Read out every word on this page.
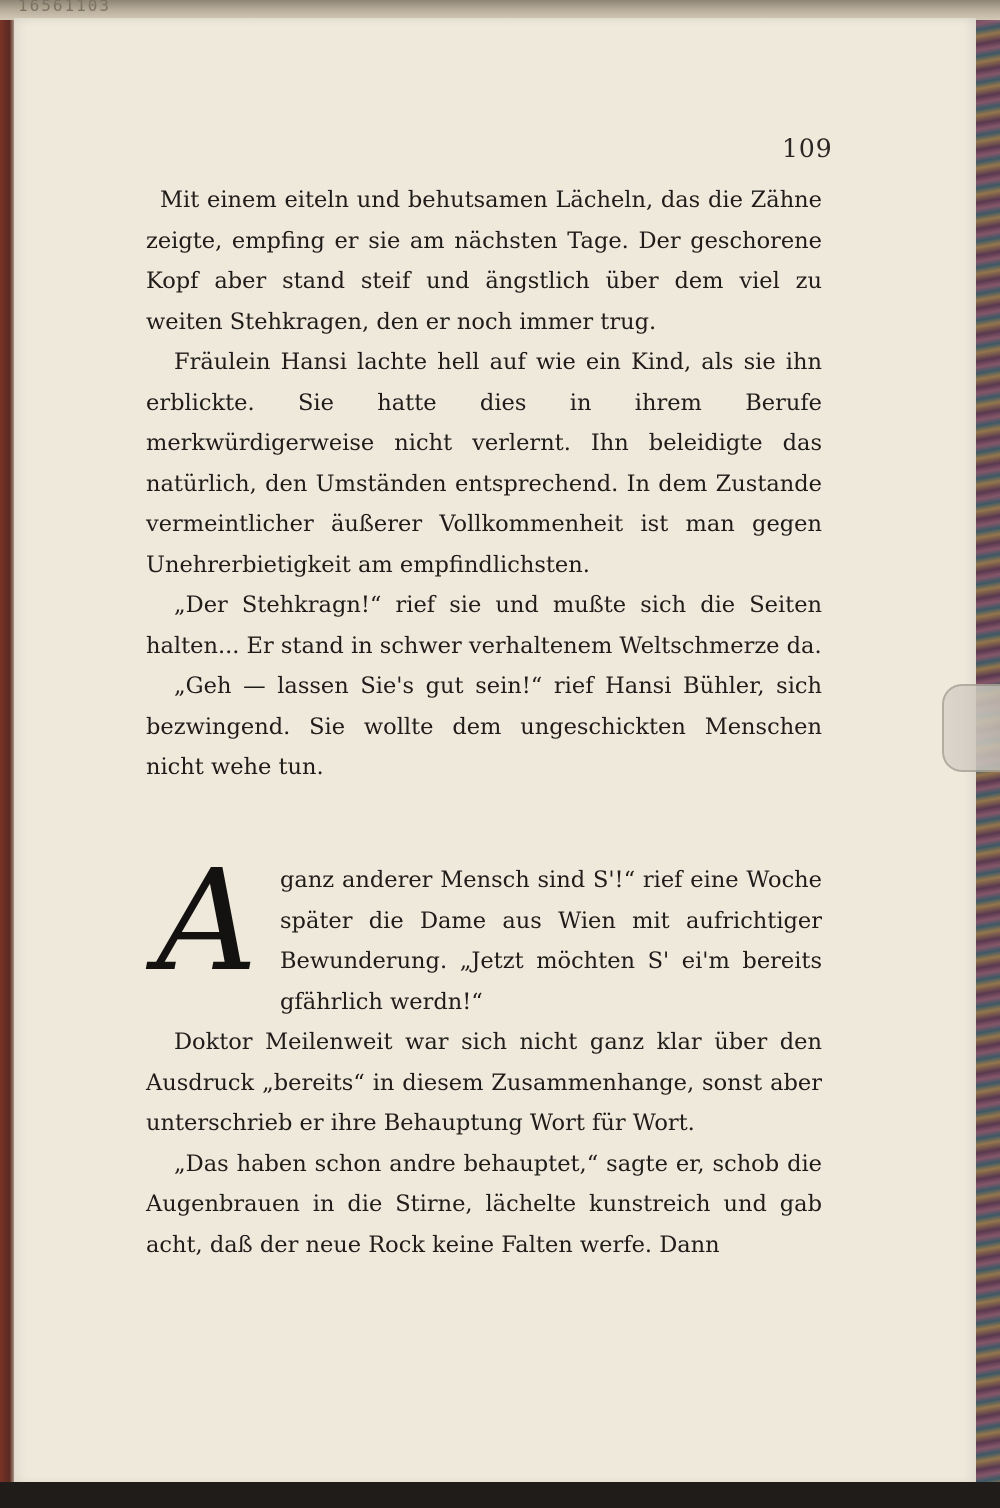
16561103
109

Mit einem eiteln und behutsamen Lächeln, das die Zähne zeigte, empfing er sie am nächsten Tage. Der geschorene Kopf aber stand steif und ängstlich über dem viel zu weiten Stehkragen, den er noch immer trug.

Fräulein Hansi lachte hell auf wie ein Kind, als sie ihn erblickte. Sie hatte dies in ihrem Berufe merkwürdigerweise nicht verlernt. Ihn beleidigte das natürlich, den Umständen entsprechend. In dem Zustande vermeintlicher äußerer Vollkommenheit ist man gegen Unehrerbietigkeit am empfindlichsten.

„Der Stehkragn!“ rief sie und mußte sich die Seiten halten... Er stand in schwer verhaltenem Weltschmerze da.

„Geh — lassen Sie's gut sein!“ rief Hansi Bühler, sich bezwingend. Sie wollte dem ungeschickten Menschen nicht wehe tun.

A ganz anderer Mensch sind S'!“ rief eine Woche später die Dame aus Wien mit aufrichtiger Bewunderung. „Jetzt möchten S' ei'm bereits gfährlich werdn!“

Doktor Meilenweit war sich nicht ganz klar über den Ausdruck „bereits“ in diesem Zusammenhange, sonst aber unterschrieb er ihre Behauptung Wort für Wort.

„Das haben schon andre behauptet,“ sagte er, schob die Augenbrauen in die Stirne, lächelte kunstreich und gab acht, daß der neue Rock keine Falten werfe. Dann
